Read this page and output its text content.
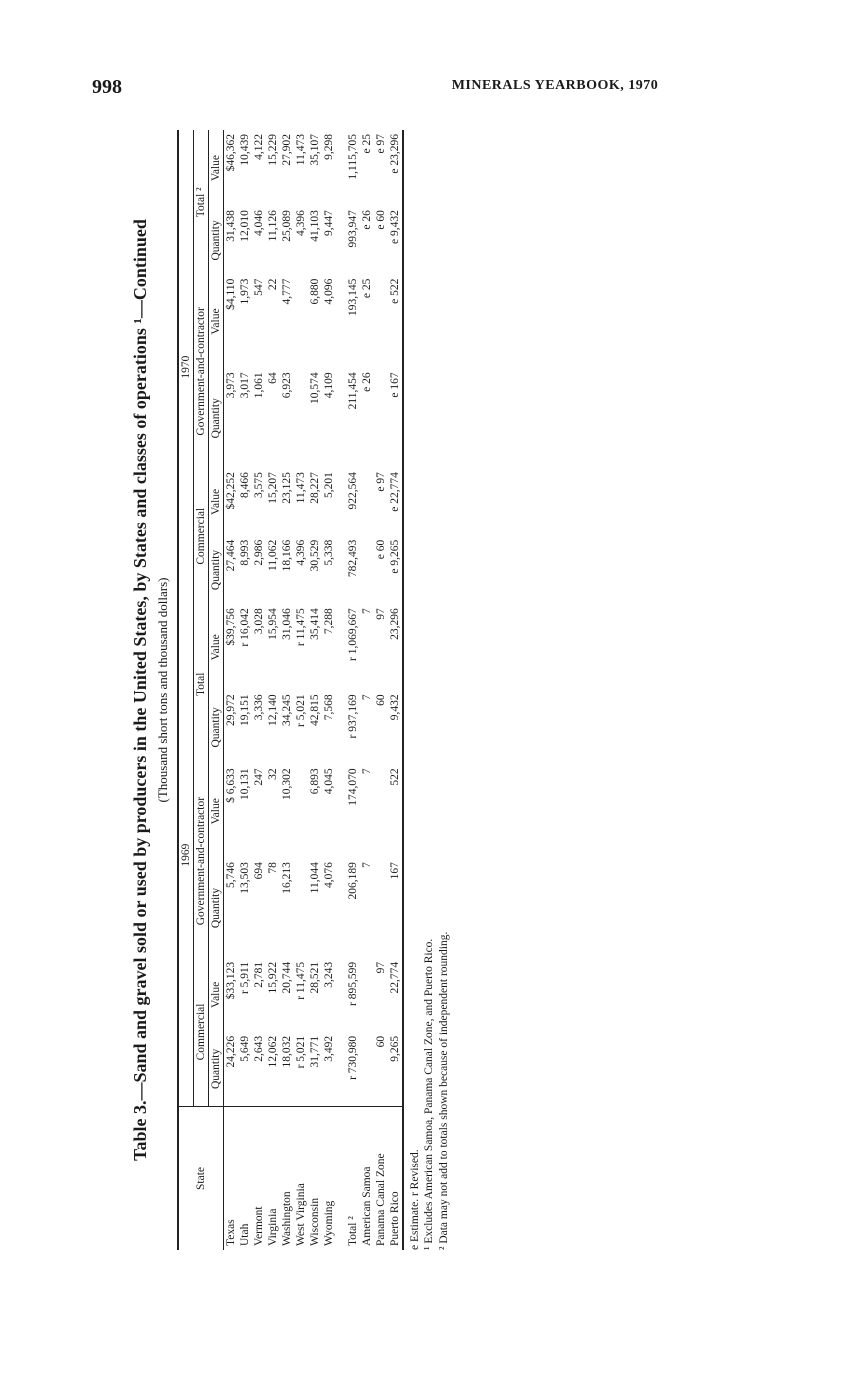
998	MINERALS YEARBOOK, 1970
Table 3.—Sand and gravel sold or used by producers in the United States, by States and classes of operations ¹—Continued (Thousand short tons and thousand dollars)
State	1969						1970					
	Commercial		Government-and-contractor		Total		Commercial		Government-and-contractor		Total ²	
	Quantity	Value	Quantity	Value	Quantity	Value	Quantity	Value	Quantity	Value	Quantity	Value
Texas	24,226	$33,123	5,746	$ 6,633	29,972	$39,756	27,464	$42,252	3,973	$4,110	31,438	$46,362
Utah	5,649	r 5,911	13,503	10,131	19,151	r 16,042	8,993	8,466	3,017	1,973	12,010	10,439
Vermont	2,643	2,781	694	247	3,336	3,028	2,986	3,575	1,061	547	4,046	4,122
Virginia	12,062	15,922	78	32	12,140	15,954	11,062	15,207	64	22	11,126	15,229
Washington	18,032	20,744	16,213	10,302	34,245	31,046	18,166	23,125	6,923	4,777	25,089	27,902
West Virginia	r 5,021	r 11,475			r 5,021	r 11,475	4,396	11,473			4,396	11,473
Wisconsin	31,771	28,521	11,044	6,893	42,815	35,414	30,529	28,227	10,574	6,880	41,103	35,107
Wyoming	3,492	3,243	4,076	4,045	7,568	7,288	5,338	5,201	4,109	4,096	9,447	9,298

Total ²	r 730,980	r 895,599	206,189	174,070	r 937,169	r 1,069,667	782,493	922,564	211,454	193,145	993,947	1,115,705
American Samoa			7	7	7	7			e 26	e 25	e 26	e 25
Panama Canal Zone	60	97			60	97	e 60	e 97			e 60	e 97
Puerto Rico	9,265	22,774	167	522	9,432	23,296	e 9,265	e 22,774	e 167	e 522	e 9,432	e 23,296
e Estimate. r Revised. ¹ Excludes American Samoa, Panama Canal Zone, and Puerto Rico. ² Data may not add to totals shown because of independent rounding.
